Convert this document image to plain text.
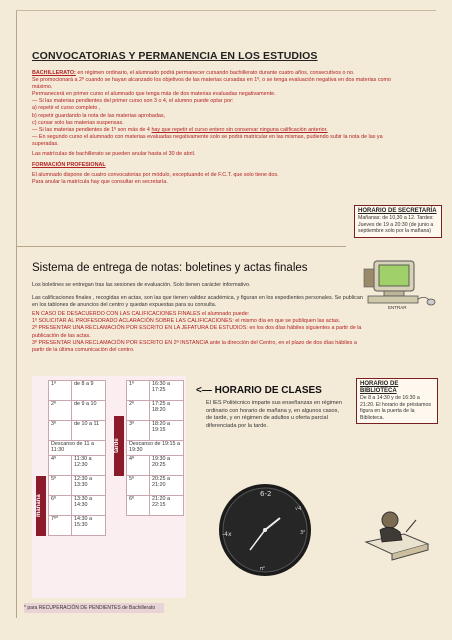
CONVOCATORIAS Y PERMANENCIA EN LOS ESTUDIOS
BACHILLERATO: en régimen ordinario, el alumnado podrá permanecer cursando bachillerato durante cuatro años, consecutivos o no.
Se promocionará a 2º cuando se hayan alcanzado los objetivos de las materias cursadas en 1º, o se tenga evaluación negativa en dos materias como máximo.
Permanecerá en primer curso el alumnado que tenga más de dos materias evaluadas negativamente.
— Si las materias pendientes del primer curso son 3 o 4, el alumno puede optar por:
a) repetir el curso completo ,
b) repetir guardando la nota de las materias aprobadas,
c) cursar solo las materias suspensas.
— Si las materias pendientes de 1º son más de 4 hay que repetir el curso entero sin conservar ninguna calificación anterior.
— En segundo curso el alumnado con materias evaluadas negativamente solo se podrá matricular en las mismas, pudiendo subir la nota de las ya superadas.
Las matrículas de bachillerato se pueden anular hasta el 30 de abril.
FORMACIÓN PROFESIONAL
El alumnado dispone de cuatro convocatorias por módulo, exceptuando el de F.C.T. que solo tiene dos.
Para anular la matrícula hay que consultar en secretaría.
HORARIO DE SECRETARÍA
Mañanas: de 10,30 a 12. Tardes: Jueves de 19 a 20:30 (de junio a septiembre solo por la mañana)
Sistema de entrega de notas: boletines y actas finales
Los boletines se entregan tras las sesiones de evaluación. Solo tienen carácter informativo.
Las calificaciones finales , recogidas en actas, son las que tienen validez académica, y figuran en los expedientes personales. Se publican en los tablones de anuncios del centro y quedan expuestas para su consulta.
EN CASO DE DESACUERDO CON LAS CALIFICACIONES FINALES el alumnado puede:
1º SOLICITAR AL PROFESORADO ACLARACIÓN SOBRE LAS CALIFICACIONES: el mismo día en que se publiquen las actas.
2º PRESENTAR UNA RECLAMACIÓN POR ESCRITO EN LA JEFATURA DE ESTUDIOS: en los dos días hábiles siguientes a partir de la publicación de las actas.
3º PRESENTAR UNA RECLAMACIÓN POR ESCRITO EN 2ª INSTANCIA ante la dirección del Centro, en el plazo de dos días hábiles a partir de la última comunicación del centro.
ENTRAR
mañana
1º	de 8 a 9
2º	de 9 a 10
3º	de 10 a 11
Descanso de 11 a 11:30	
4º	11:30 a 12:30
5º	12:30 a 13:30
6º	13:30 a 14:30
7º*	14:30 a 15:30
tarde
1º	16:30 a 17:25
2º	17:25 a 18:20
3º	18:20 a 19:15
Descanso de 19:15 a 19:30	
4º	19:30 a 20:25
5º	20:25 a 21:20
6º	21:20 a 22:15
* para RECUPERACIÓN DE PENDIENTES de Bachillerato
<— HORARIO DE CLASES
El IES Politécnico imparte sus enseñanzas en régimen ordinario con horario de mañana y, en algunos casos, de tarde, y en régimen de adultos u oferta parcial diferenciada por la tarde.
6-2
√4
3²
-4x
π²
HORARIO DE BIBLIOTECA
De 8 a 14:30 y de 16:30 a 21:20. El horario de préstamos figura en la puerta de la Biblioteca.
